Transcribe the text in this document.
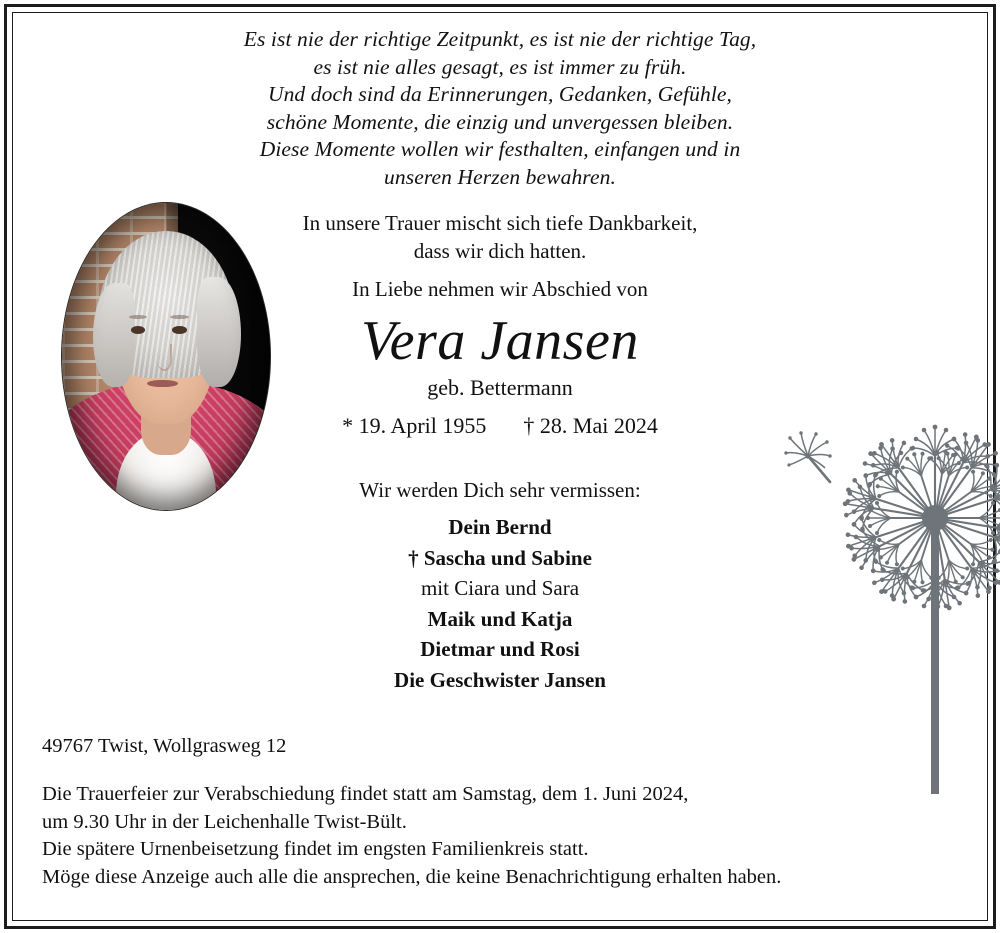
Es ist nie der richtige Zeitpunkt, es ist nie der richtige Tag,
es ist nie alles gesagt, es ist immer zu früh.
Und doch sind da Erinnerungen, Gedanken, Gefühle,
schöne Momente, die einzig und unvergessen bleiben.
Diese Momente wollen wir festhalten, einfangen und in
unseren Herzen bewahren.
In unsere Trauer mischt sich tiefe Dankbarkeit,
dass wir dich hatten.
In Liebe nehmen wir Abschied von
Vera Jansen
geb. Bettermann
* 19. April 1955 † 28. Mai 2024
Wir werden Dich sehr vermissen:
Dein Bernd
† Sascha und Sabine
mit Ciara und Sara
Maik und Katja
Dietmar und Rosi
Die Geschwister Jansen
49767 Twist, Wollgrasweg 12
Die Trauerfeier zur Verabschiedung findet statt am Samstag, dem 1. Juni 2024,
um 9.30 Uhr in der Leichenhalle Twist-Bült.
Die spätere Urnenbeisetzung findet im engsten Familienkreis statt.
Möge diese Anzeige auch alle die ansprechen, die keine Benachrichtigung erhalten haben.
